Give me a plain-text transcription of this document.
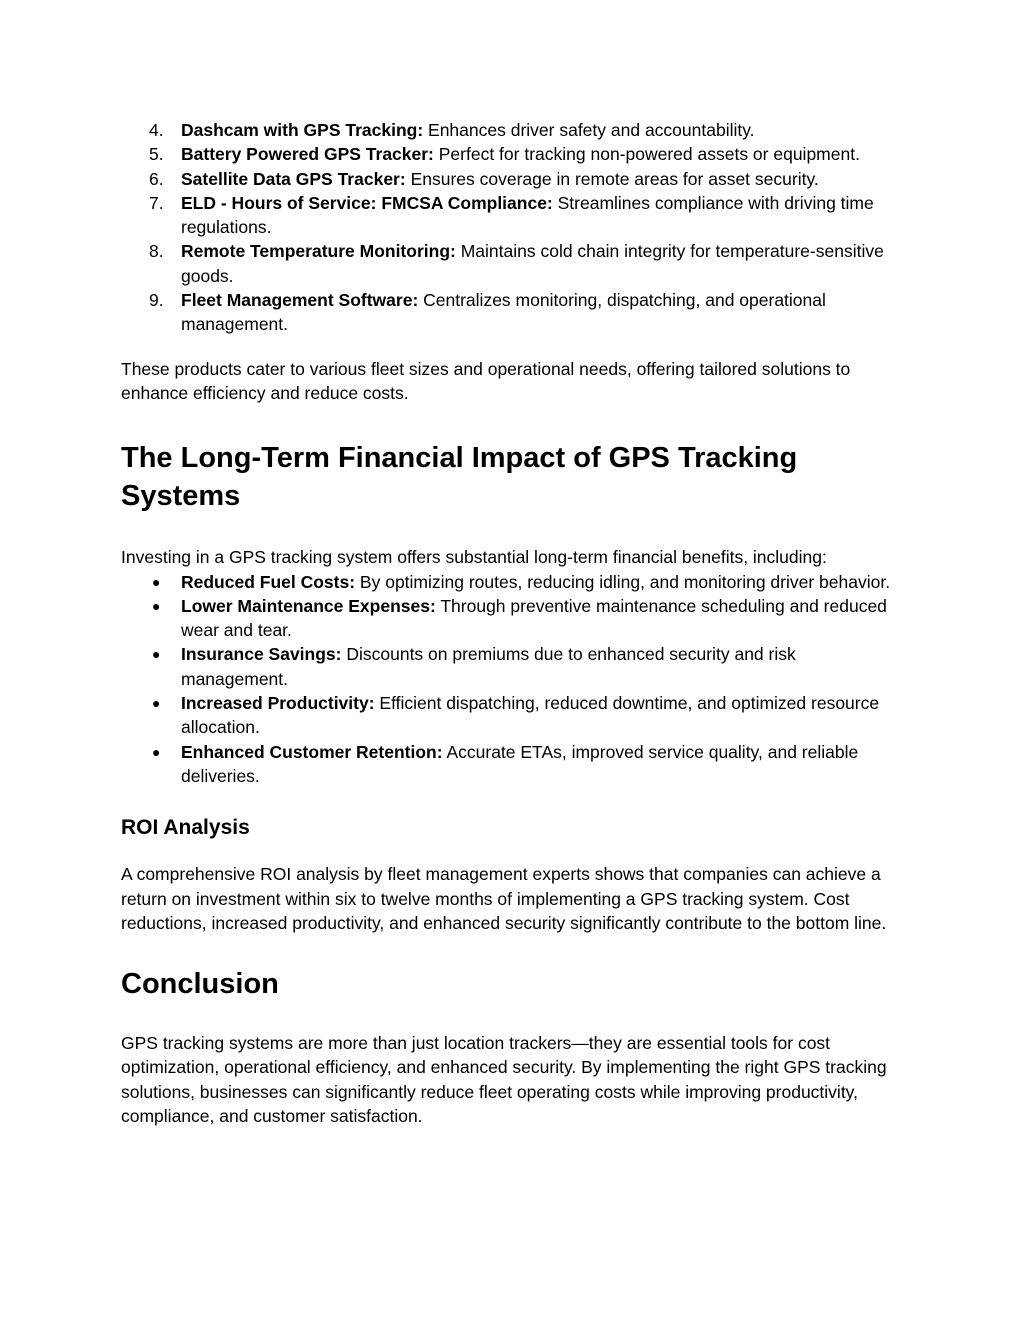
4. Dashcam with GPS Tracking: Enhances driver safety and accountability.
5. Battery Powered GPS Tracker: Perfect for tracking non-powered assets or equipment.
6. Satellite Data GPS Tracker: Ensures coverage in remote areas for asset security.
7. ELD - Hours of Service: FMCSA Compliance: Streamlines compliance with driving time regulations.
8. Remote Temperature Monitoring: Maintains cold chain integrity for temperature-sensitive goods.
9. Fleet Management Software: Centralizes monitoring, dispatching, and operational management.

These products cater to various fleet sizes and operational needs, offering tailored solutions to enhance efficiency and reduce costs.

The Long-Term Financial Impact of GPS Tracking Systems

Investing in a GPS tracking system offers substantial long-term financial benefits, including:

● Reduced Fuel Costs: By optimizing routes, reducing idling, and monitoring driver behavior.
● Lower Maintenance Expenses: Through preventive maintenance scheduling and reduced wear and tear.
● Insurance Savings: Discounts on premiums due to enhanced security and risk management.
● Increased Productivity: Efficient dispatching, reduced downtime, and optimized resource allocation.
● Enhanced Customer Retention: Accurate ETAs, improved service quality, and reliable deliveries.
ROI Analysis

A comprehensive ROI analysis by fleet management experts shows that companies can achieve a return on investment within six to twelve months of implementing a GPS tracking system. Cost reductions, increased productivity, and enhanced security significantly contribute to the bottom line.

Conclusion

GPS tracking systems are more than just location trackers—they are essential tools for cost optimization, operational efficiency, and enhanced security. By implementing the right GPS tracking solutions, businesses can significantly reduce fleet operating costs while improving productivity, compliance, and customer satisfaction.
